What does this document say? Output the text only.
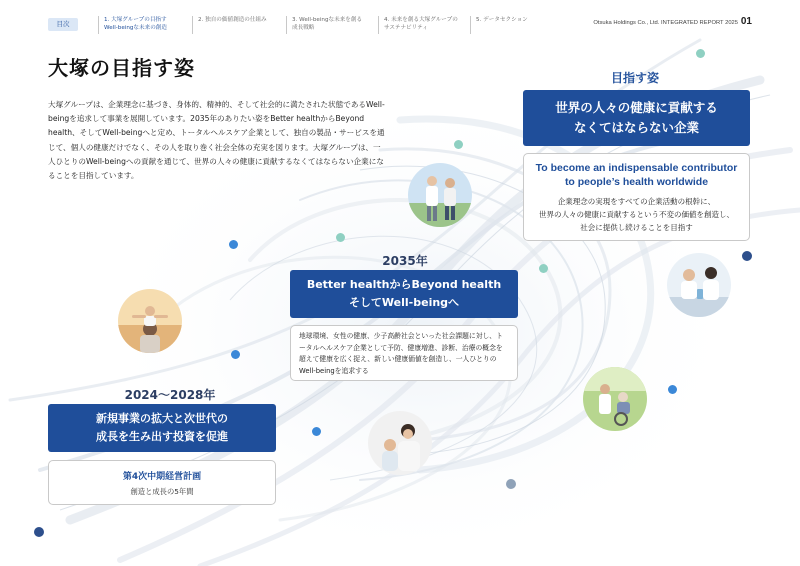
目次	1. 大塚グループの目指す
Well-beingな未来の創造
2. 独自の価値創造の仕組み	3. Well-beingな未来を創る
成長戦略
4. 未来を創る大塚グループの
サステナビリティ
5. データセクション	Otsuka Holdings Co., Ltd. INTEGRATED REPORT 2025 01
大塚の目指す姿
大塚グループは、企業理念に基づき、身体的、精神的、そして社会的に満たされた状態であるWell-beingを追求して事業を展開しています。2035年のありたい姿をBetter healthからBeyond health、そしてWell-beingへと定め、トータルヘルスケア企業として、独自の製品・サービスを通じて、個人の健康だけでなく、その人を取り巻く社会全体の充実を図ります。大塚グループは、一人ひとりのWell-beingへの貢献を通じて、世界の人々の健康に貢献するなくてはならない企業になることを目指しています。
目指す姿
世界の人々の健康に貢献する
なくてはならない企業
To become an indispensable contributor
to people’s health worldwide
企業理念の実現をすべての企業活動の根幹に、
世界の人々の健康に貢献するという不変の価値を創造し、
社会に提供し続けることを目指す
2035年
Better healthからBeyond health
そしてWell-beingへ
地球環境、女性の健康、少子高齢社会といった社会課題に対し、トータルヘルスケア企業として予防、健康増進、診断、治療の概念を超えて健康を広く捉え、新しい健康価値を創造し、一人ひとりのWell-beingを追求する
2024～2028年
新規事業の拡大と次世代の
成長を生み出す投資を促進
第4次中期経営計画
創造と成長の5年間
